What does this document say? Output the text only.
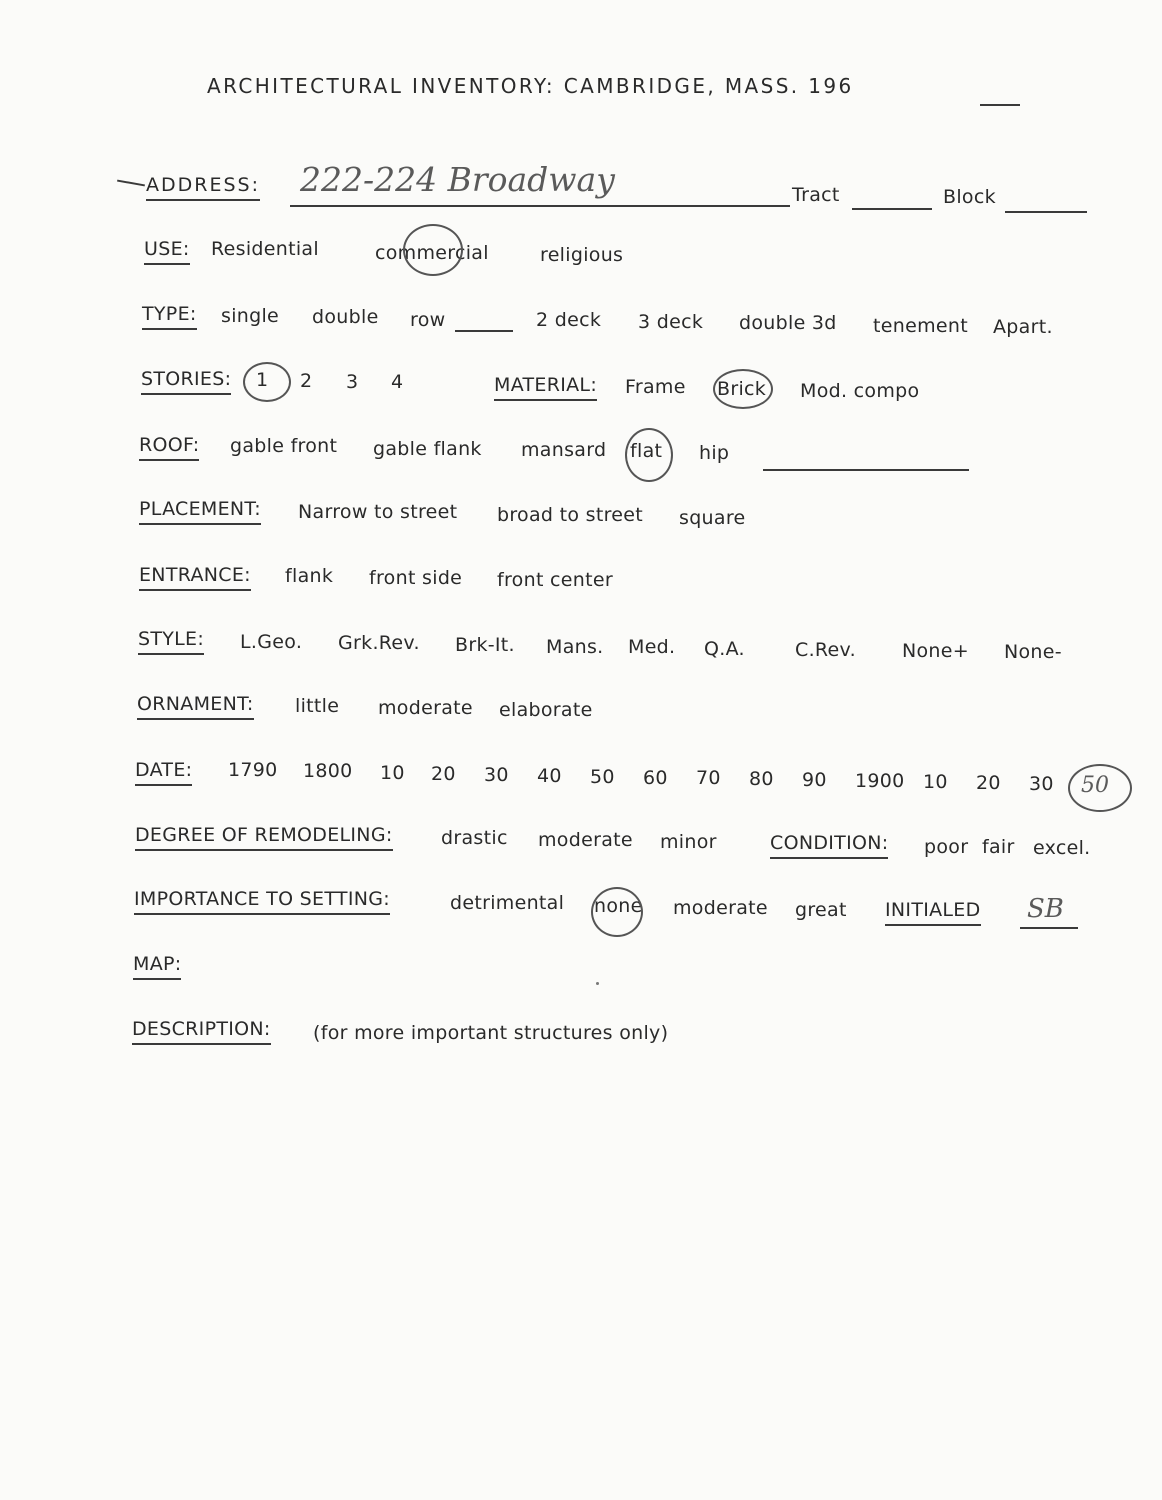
ARCHITECTURAL INVENTORY: CAMBRIDGE, MASS. 196
ADDRESS: 222-224 Broadway	Tract	Block
USE: Residential	commercial	religious
TYPE: single double row	2 deck 3 deck double 3d tenement Apart.
STORIES: 1 2 3 4	MATERIAL: Frame Brick Mod. compo
ROOF: gable front gable flank mansard flat hip
PLACEMENT: Narrow to street broad to street square
ENTRANCE: flank front side front center
STYLE: L.Geo. Grk.Rev. Brk-It. Mans. Med. Q.A.	C.Rev. None+ None-
ORNAMENT: little moderate elaborate
DATE: 1790 1800 10 20 30 40 50 60 70 80 90 1900 10 20 30 50
DEGREE OF REMODELING:	drastic moderate minor	CONDITION: poor fair excel.
IMPORTANCE TO SETTING:	detrimental none moderate great INITIALED SB
MAP:
DESCRIPTION: (for more important structures only)
